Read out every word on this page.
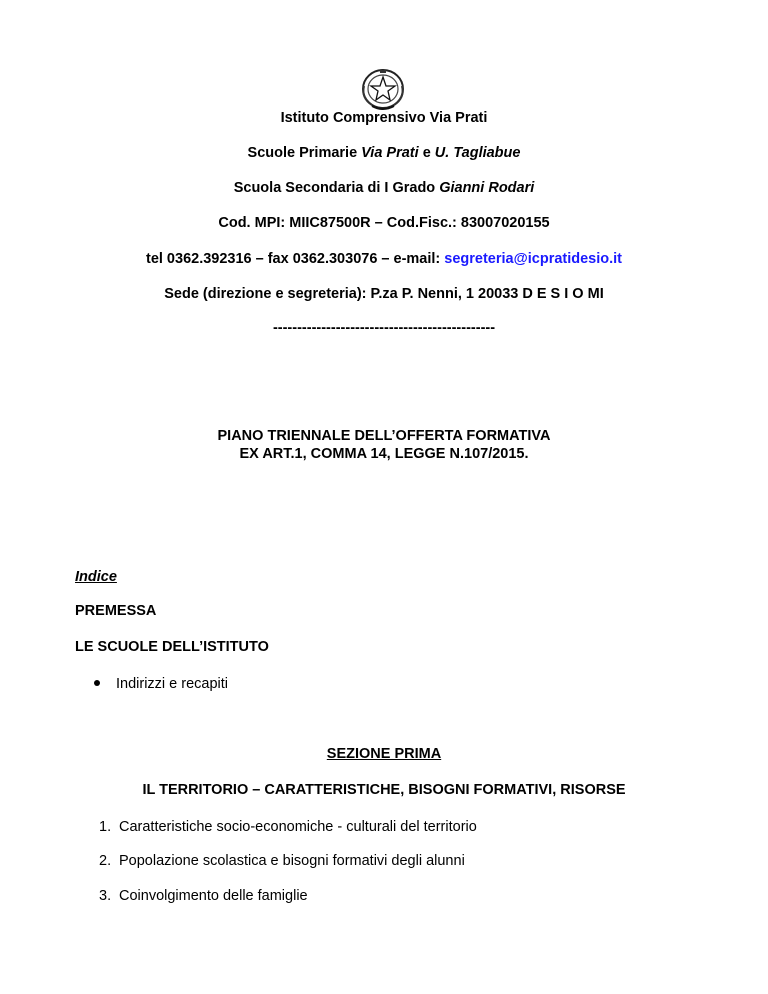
Istituto Comprensivo Via Prati
Scuole Primarie Via Prati e U. Tagliabue
Scuola Secondaria di I Grado Gianni Rodari
Cod. MPI: MIIC87500R – Cod.Fisc.: 83007020155
tel 0362.392316 – fax 0362.303076 – e-mail: segreteria@icpratidesio.it
Sede (direzione e segreteria): P.za P. Nenni, 1 20033 D E S I O MI
----------------------------------------------
PIANO TRIENNALE DELL’OFFERTA FORMATIVA
EX ART.1, COMMA 14, LEGGE N.107/2015.
Indice
PREMESSA
LE SCUOLE DELL’ISTITUTO
Indirizzi e recapiti
SEZIONE PRIMA
IL TERRITORIO – CARATTERISTICHE, BISOGNI FORMATIVI, RISORSE
1. Caratteristiche socio-economiche - culturali del territorio
2. Popolazione scolastica e bisogni formativi degli alunni
3. Coinvolgimento delle famiglie
